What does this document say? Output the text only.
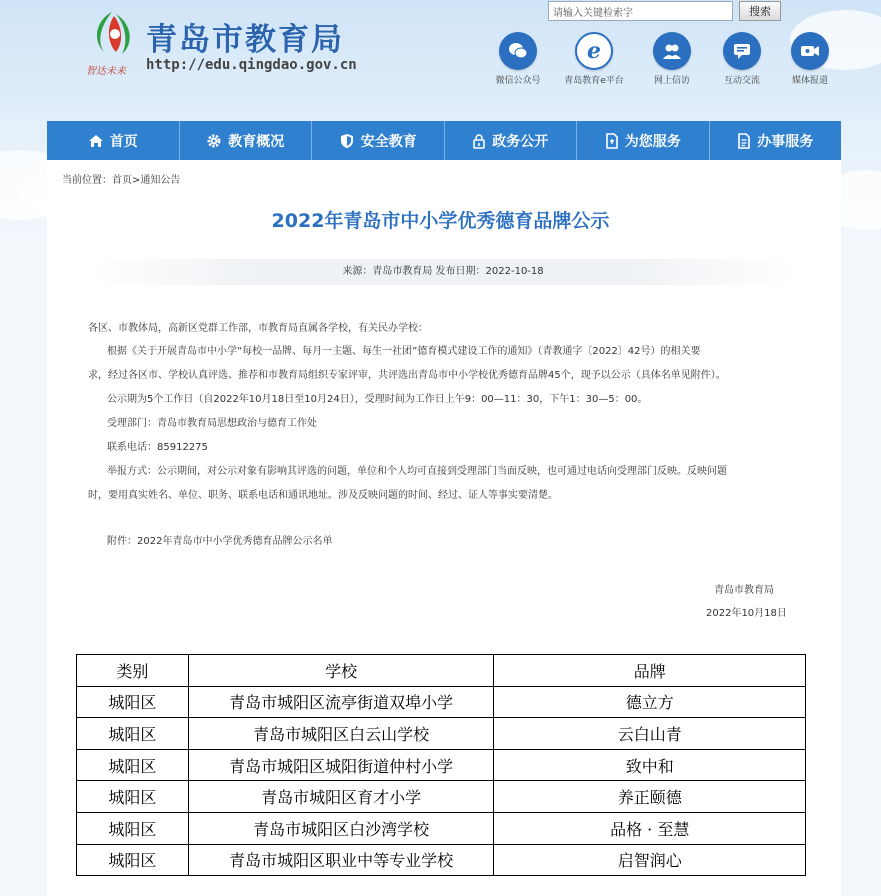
智达未来
青岛市教育局
http://edu.qingdao.gov.cn
请输入关键检索字	搜索
微信公众号
e
青岛教育e平台	网上信访	互动交流	媒体报道
首页	教育概况	安全教育	政务公开	为您服务	办事服务
当前位置：首页>通知公告
2022年青岛市中小学优秀德育品牌公示
来源：青岛市教育局 发布日期：2022-10-18
各区、市教体局，高新区党群工作部，市教育局直属各学校，有关民办学校：
根据《关于开展青岛市中小学“每校一品牌、每月一主题、每生一社团”德育模式建设工作的通知》（青教通字〔2022〕42号）的相关要
求，经过各区市、学校认真评选、推荐和市教育局组织专家评审，共评选出青岛市中小学校优秀德育品牌45个，现予以公示（具体名单见附件）。
公示期为5个工作日（自2022年10月18日至10月24日），受理时间为工作日上午9：00—11：30，下午1：30—5：00。
受理部门：青岛市教育局思想政治与德育工作处
联系电话：85912275
举报方式：公示期间，对公示对象有影响其评选的问题，单位和个人均可直接到受理部门当面反映，也可通过电话向受理部门反映。反映问题
时，要用真实姓名、单位、职务、联系电话和通讯地址。涉及反映问题的时间、经过、证人等事实要清楚。
附件：2022年青岛市中小学优秀德育品牌公示名单
青岛市教育局
2022年10月18日
类别	学校	品牌
城阳区	青岛市城阳区流亭街道双埠小学	德立方
城阳区	青岛市城阳区白云山学校	云白山青
城阳区	青岛市城阳区城阳街道仲村小学	致中和
城阳区	青岛市城阳区育才小学	养正颐德
城阳区	青岛市城阳区白沙湾学校	品格 · 至慧
城阳区	青岛市城阳区职业中等专业学校	启智润心
